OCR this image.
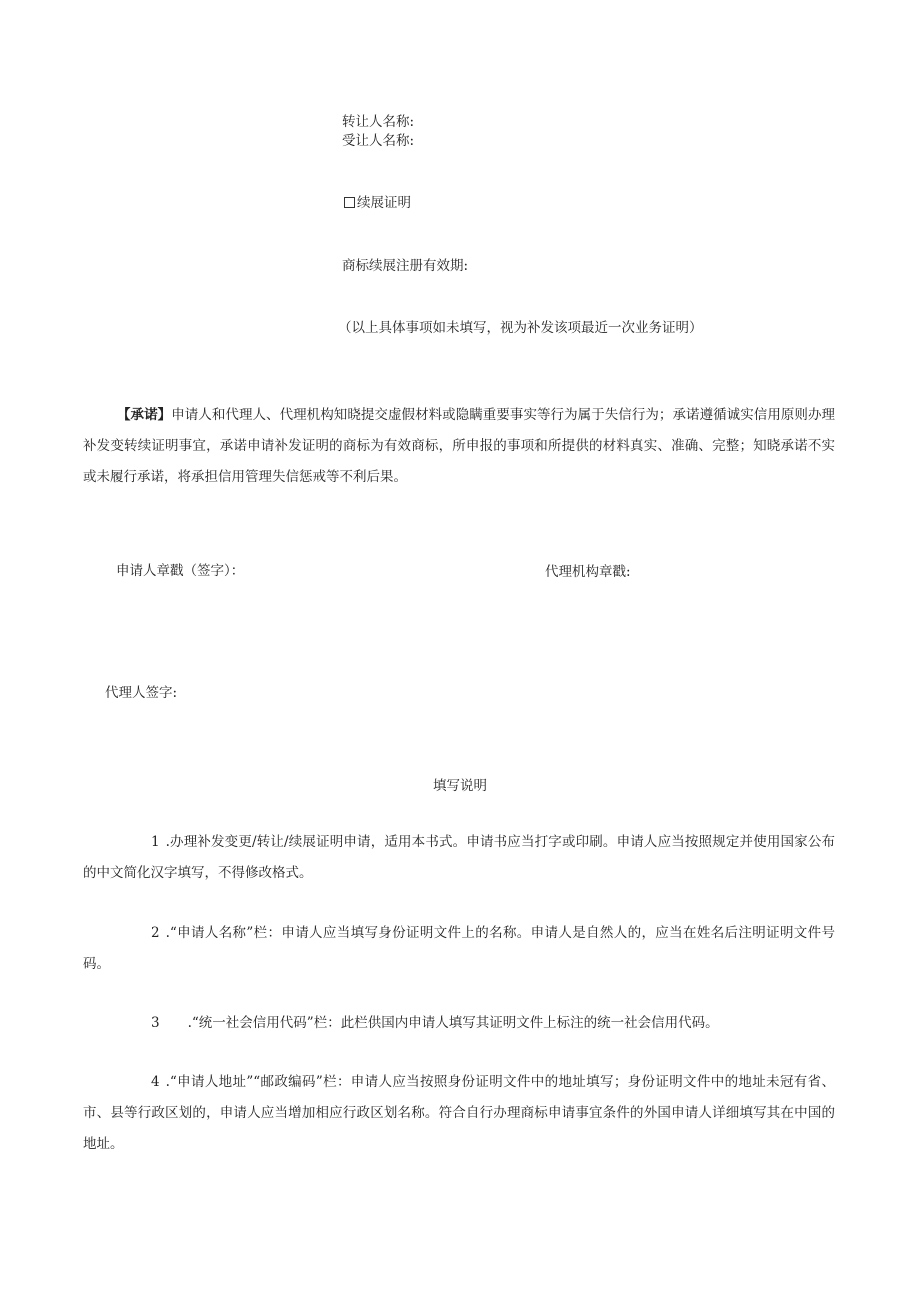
转让人名称:
受让人名称:
续展证明
商标续展注册有效期:
（以上具体事项如未填写，视为补发该项最近一次业务证明）
【承诺】申请人和代理人、代理机构知晓提交虚假材料或隐瞒重要事实等行为属于失信行为；承诺遵循诚实信用原则办理补发变转续证明事宜，承诺申请补发证明的商标为有效商标，所申报的事项和所提供的材料真实、准确、完整；知晓承诺不实或未履行承诺，将承担信用管理失信惩戒等不利后果。
申请人章戳（签字）：	代理机构章戳:
代理人签字:
填写说明
1 .办理补发变更/转让/续展证明申请，适用本书式。申请书应当打字或印刷。申请人应当按照规定并使用国家公布的中文简化汉字填写，不得修改格式。
2 .“申请人名称”栏：申请人应当填写身份证明文件上的名称。申请人是自然人的，应当在姓名后注明证明文件号码。
3 .“统一社会信用代码”栏：此栏供国内申请人填写其证明文件上标注的统一社会信用代码。
4 .“申请人地址”“邮政编码”栏：申请人应当按照身份证明文件中的地址填写；身份证明文件中的地址未冠有省、市、县等行政区划的，申请人应当增加相应行政区划名称。符合自行办理商标申请事宜条件的外国申请人详细填写其在中国的地址。
